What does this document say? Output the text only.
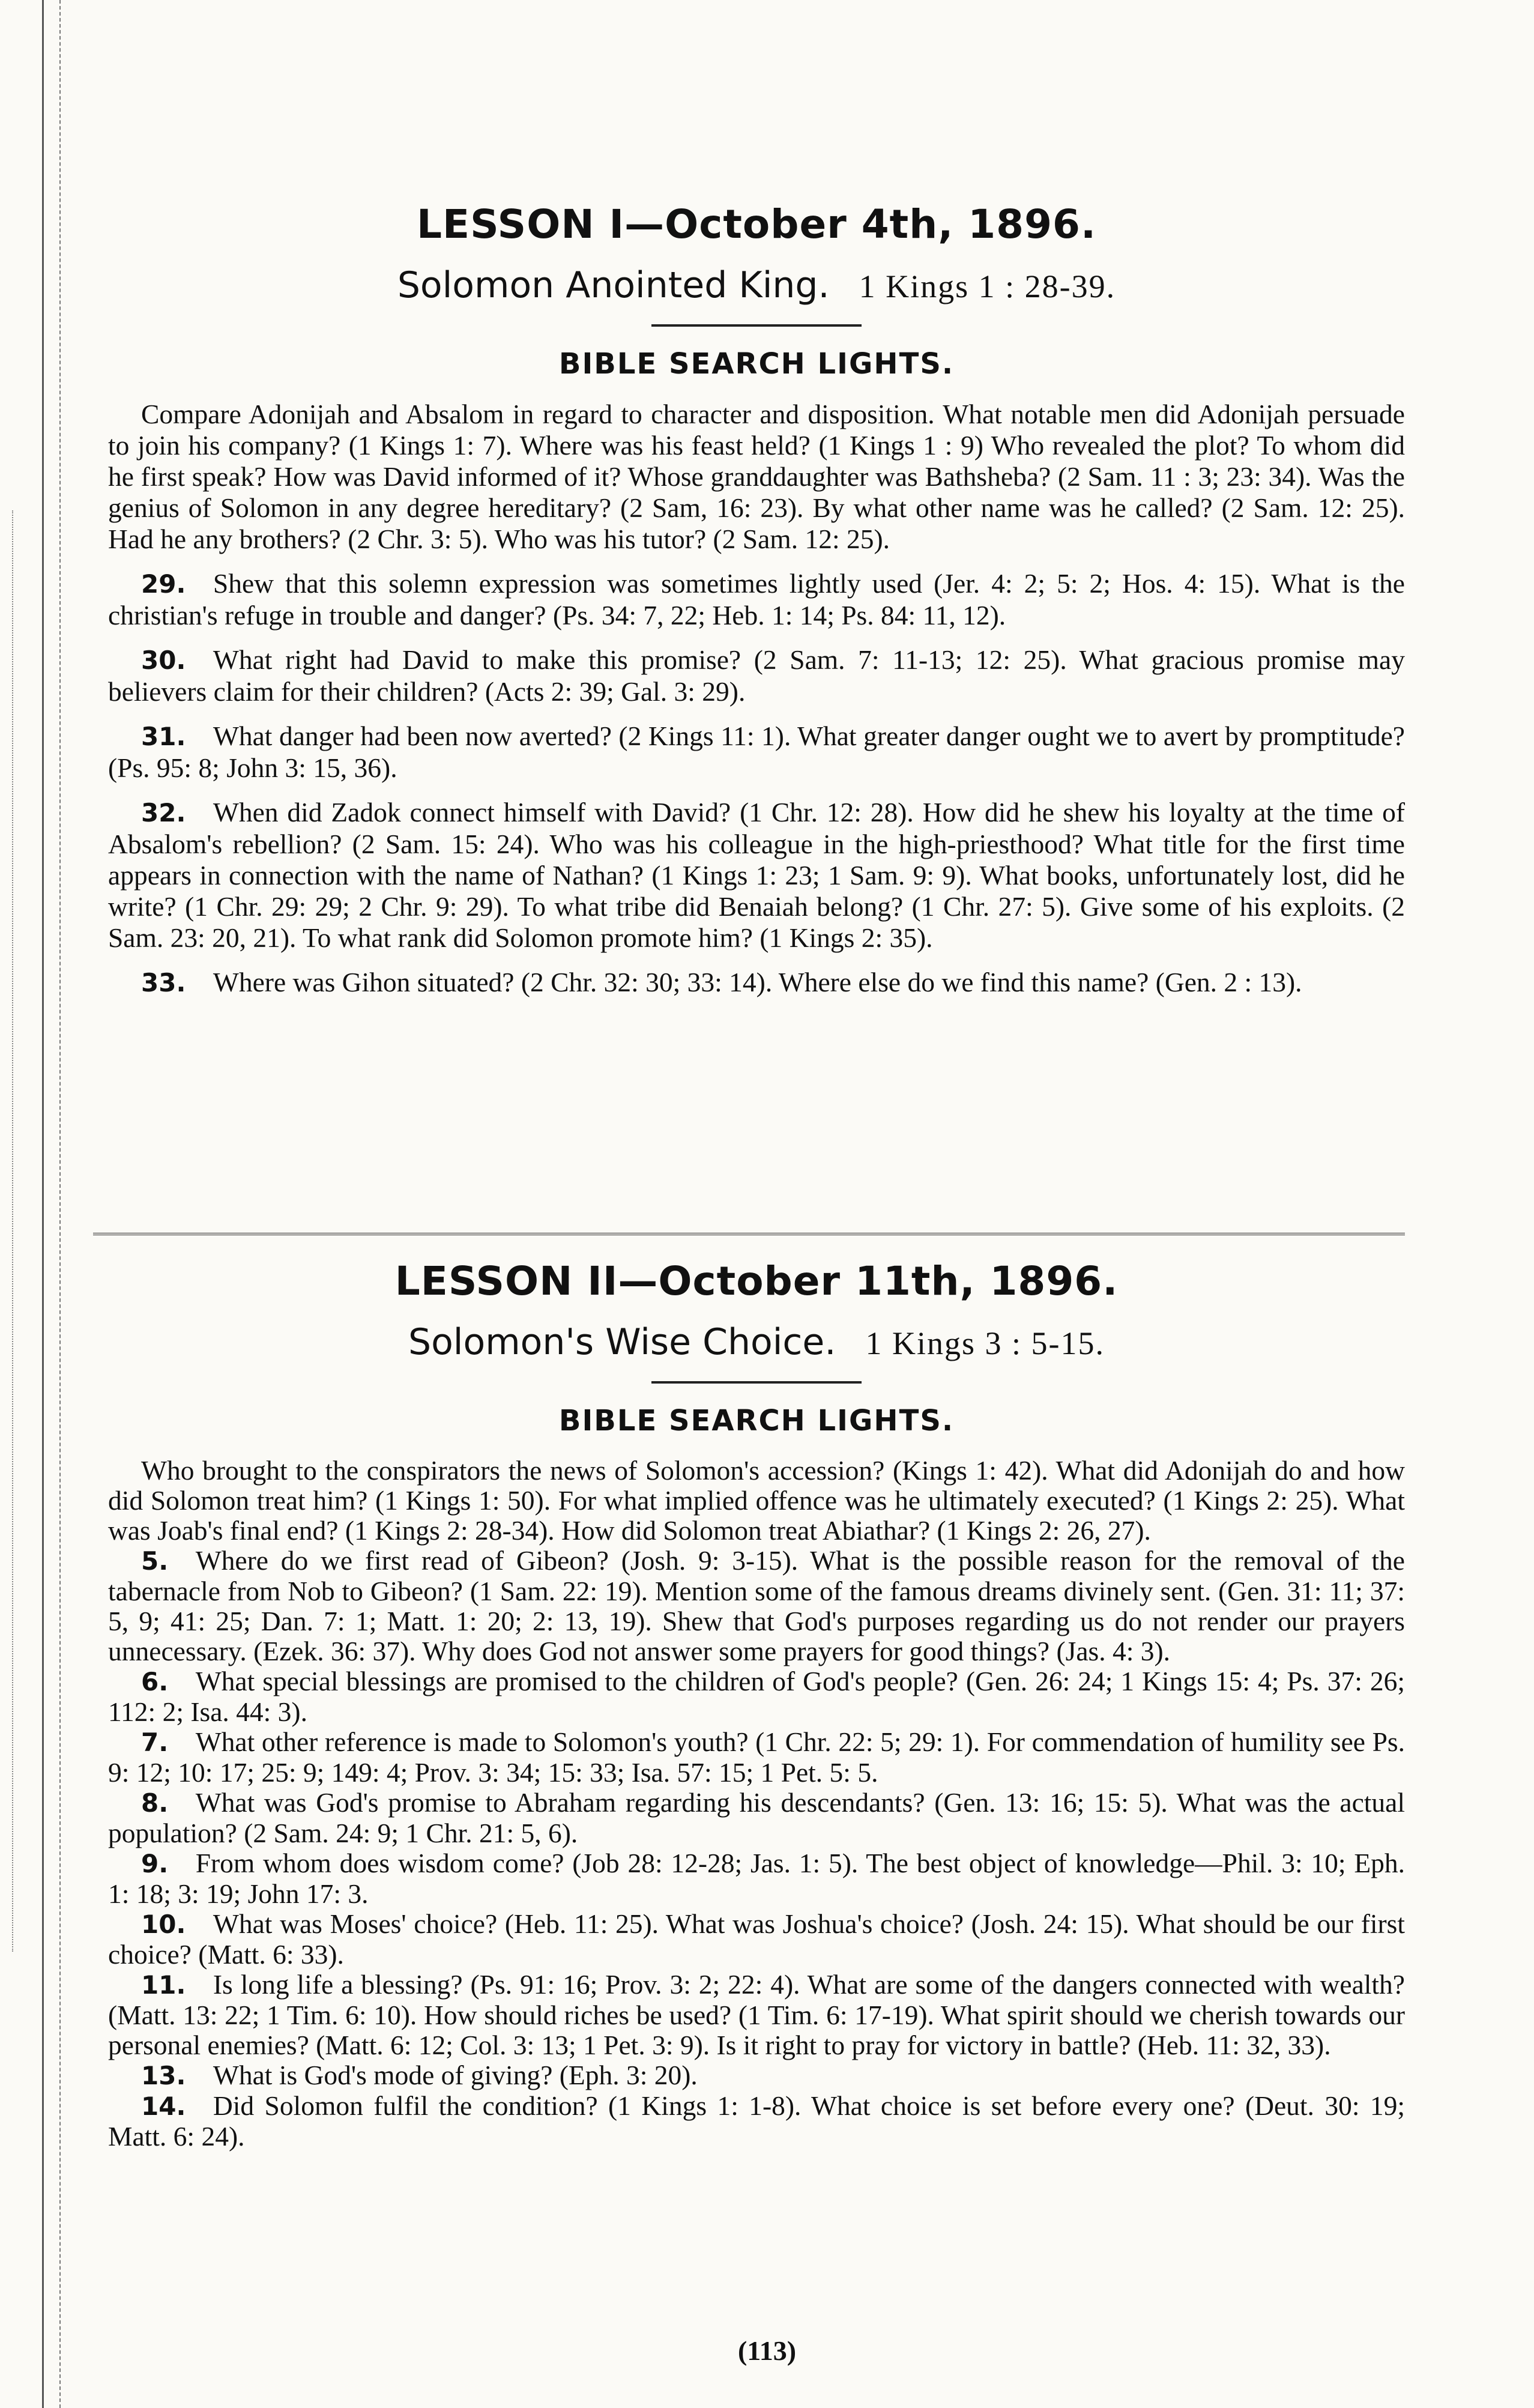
LESSON I—October 4th, 1896.
Solomon Anointed King. 1 Kings 1 : 28-39.
BIBLE SEARCH LIGHTS.

Compare Adonijah and Absalom in regard to character and disposition. What notable men did Adonijah persuade to join his company? (1 Kings 1: 7). Where was his feast held? (1 Kings 1 : 9) Who revealed the plot? To whom did he first speak? How was David informed of it? Whose granddaughter was Bathsheba? (2 Sam. 11 : 3; 23: 34). Was the genius of Solomon in any degree hereditary? (2 Sam, 16: 23). By what other name was he called? (2 Sam. 12: 25). Had he any brothers? (2 Chr. 3: 5). Who was his tutor? (2 Sam. 12: 25).

29.  Shew that this solemn expression was sometimes lightly used (Jer. 4: 2; 5: 2; Hos. 4: 15). What is the christian's refuge in trouble and danger? (Ps. 34: 7, 22; Heb. 1: 14; Ps. 84: 11, 12).

30.  What right had David to make this promise? (2 Sam. 7: 11-13; 12: 25). What gracious promise may believers claim for their children? (Acts 2: 39; Gal. 3: 29).

31.  What danger had been now averted? (2 Kings 11: 1). What greater danger ought we to avert by promptitude? (Ps. 95: 8; John 3: 15, 36).

32.  When did Zadok connect himself with David? (1 Chr. 12: 28). How did he shew his loyalty at the time of Absalom's rebellion? (2 Sam. 15: 24). Who was his colleague in the high-priesthood? What title for the first time appears in connection with the name of Nathan? (1 Kings 1: 23; 1 Sam. 9: 9). What books, unfortunately lost, did he write? (1 Chr. 29: 29; 2 Chr. 9: 29). To what tribe did Benaiah belong? (1 Chr. 27: 5). Give some of his exploits. (2 Sam. 23: 20, 21). To what rank did Solomon promote him? (1 Kings 2: 35).

33.  Where was Gihon situated? (2 Chr. 32: 30; 33: 14). Where else do we find this name? (Gen. 2 : 13).

LESSON II—October 11th, 1896.
Solomon's Wise Choice. 1 Kings 3 : 5-15.
BIBLE SEARCH LIGHTS.

Who brought to the conspirators the news of Solomon's accession? (Kings 1: 42). What did Adonijah do and how did Solomon treat him? (1 Kings 1: 50). For what implied offence was he ultimately executed? (1 Kings 2: 25). What was Joab's final end? (1 Kings 2: 28-34). How did Solomon treat Abiathar? (1 Kings 2: 26, 27).

5.  Where do we first read of Gibeon? (Josh. 9: 3-15). What is the possible reason for the removal of the tabernacle from Nob to Gibeon? (1 Sam. 22: 19). Mention some of the famous dreams divinely sent. (Gen. 31: 11; 37: 5, 9; 41: 25; Dan. 7: 1; Matt. 1: 20; 2: 13, 19). Shew that God's purposes regarding us do not render our prayers unnecessary. (Ezek. 36: 37). Why does God not answer some prayers for good things? (Jas. 4: 3).

6.  What special blessings are promised to the children of God's people? (Gen. 26: 24; 1 Kings 15: 4; Ps. 37: 26; 112: 2; Isa. 44: 3).

7.  What other reference is made to Solomon's youth? (1 Chr. 22: 5; 29: 1). For commendation of humility see Ps. 9: 12; 10: 17; 25: 9; 149: 4; Prov. 3: 34; 15: 33; Isa. 57: 15; 1 Pet. 5: 5.

8.  What was God's promise to Abraham regarding his descendants? (Gen. 13: 16; 15: 5). What was the actual population? (2 Sam. 24: 9; 1 Chr. 21: 5, 6).

9.  From whom does wisdom come? (Job 28: 12-28; Jas. 1: 5). The best object of knowledge—Phil. 3: 10; Eph. 1: 18; 3: 19; John 17: 3.

10.  What was Moses' choice? (Heb. 11: 25). What was Joshua's choice? (Josh. 24: 15). What should be our first choice? (Matt. 6: 33).

11.  Is long life a blessing? (Ps. 91: 16; Prov. 3: 2; 22: 4). What are some of the dangers connected with wealth? (Matt. 13: 22; 1 Tim. 6: 10). How should riches be used? (1 Tim. 6: 17-19). What spirit should we cherish towards our personal enemies? (Matt. 6: 12; Col. 3: 13; 1 Pet. 3: 9). Is it right to pray for victory in battle? (Heb. 11: 32, 33).

13.  What is God's mode of giving? (Eph. 3: 20).

14.  Did Solomon fulfil the condition? (1 Kings 1: 1-8). What choice is set before every one? (Deut. 30: 19; Matt. 6: 24).

(113)
